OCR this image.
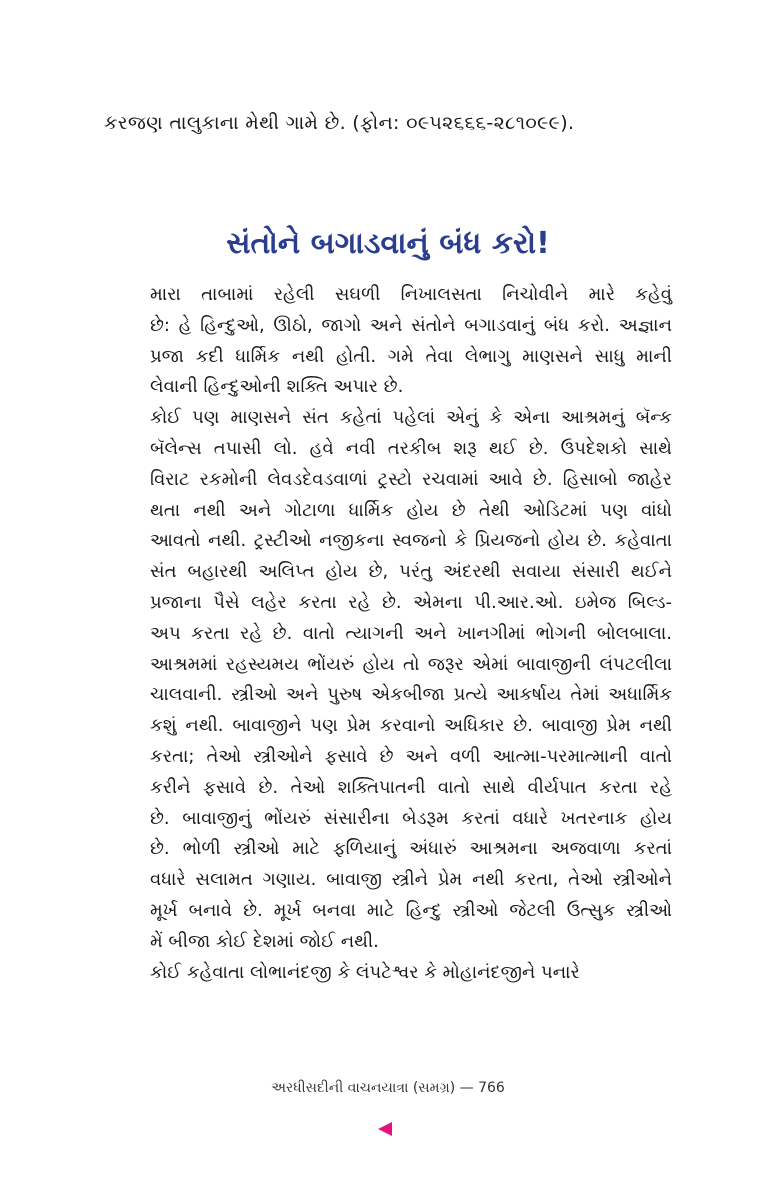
કરજણ તાલુકાના મેથી ગામે છે. (ફોન: ૦૯૫૨૬૬૬-૨૮૧૦૯૯).
સંતોને બગાડવાનું બંધ કરો!

મારા તાબામાં રહેલી સઘળી નિખાલસતા નિચોવીને મારે કહેવું
છે: હે હિન્દુઓ, ઊઠો, જાગો અને સંતોને બગાડવાનું બંધ કરો. અજ્ઞાન
પ્રજા કદી ધાર્મિક નથી હોતી. ગમે તેવા લેભાગુ માણસને સાધુ માની
લેવાની હિન્દુઓની શક્તિ અપાર છે.

કોઈ પણ માણસને સંત કહેતાં પહેલાં એનું કે એના આશ્રમનું બૅન્ક
બૅલેન્સ તપાસી લો. હવે નવી તરકીબ શરૂ થઈ છે. ઉપદેશકો સાથે
વિરાટ રકમોની લેવડદેવડવાળાં ટ્રસ્ટો રચવામાં આવે છે. હિસાબો જાહેર
થતા નથી અને ગોટાળા ધાર્મિક હોય છે તેથી ઓડિટમાં પણ વાંધો
આવતો નથી. ટ્રસ્ટીઓ નજીકના સ્વજનો કે પ્રિયજનો હોય છે. કહેવાતા
સંત બહારથી અલિપ્ત હોય છે, પરંતુ અંદરથી સવાયા સંસારી થઈને
પ્રજાના પૈસે લહેર કરતા રહે છે. એમના પી.આર.ઓ. ઇમેજ બિલ્ડ-
અપ કરતા રહે છે. વાતો ત્યાગની અને ખાનગીમાં ભોગની બોલબાલા.
આશ્રમમાં રહસ્યમય ભોંયરું હોય તો જરૂર એમાં બાવાજીની લંપટલીલા
ચાલવાની. સ્ત્રીઓ અને પુરુષ એકબીજા પ્રત્યે આકર્ષાય તેમાં અધાર્મિક
કશું નથી. બાવાજીને પણ પ્રેમ કરવાનો અધિકાર છે. બાવાજી પ્રેમ નથી
કરતા; તેઓ સ્ત્રીઓને ફસાવે છે અને વળી આત્મા-પરમાત્માની વાતો
કરીને ફસાવે છે. તેઓ શક્તિપાતની વાતો સાથે વીર્યપાત કરતા રહે
છે. બાવાજીનું ભોંયરું સંસારીના બેડરૂમ કરતાં વધારે ખતરનાક હોય
છે. ભોળી સ્ત્રીઓ માટે ફળિયાનું અંધારું આશ્રમના અજવાળા કરતાં
વધારે સલામત ગણાય. બાવાજી સ્ત્રીને પ્રેમ નથી કરતા, તેઓ સ્ત્રીઓને
મૂર્ખ બનાવે છે. મૂર્ખ બનવા માટે હિન્દુ સ્ત્રીઓ જેટલી ઉત્સુક સ્ત્રીઓ
મેં બીજા કોઈ દેશમાં જોઈ નથી.

કોઈ કહેવાતા લોભાનંદજી કે લંપટેશ્વર કે મોહાનંદજીને પનારે

અરધીસદીની વાચનયાત્રા (સમગ્ર) — 766
